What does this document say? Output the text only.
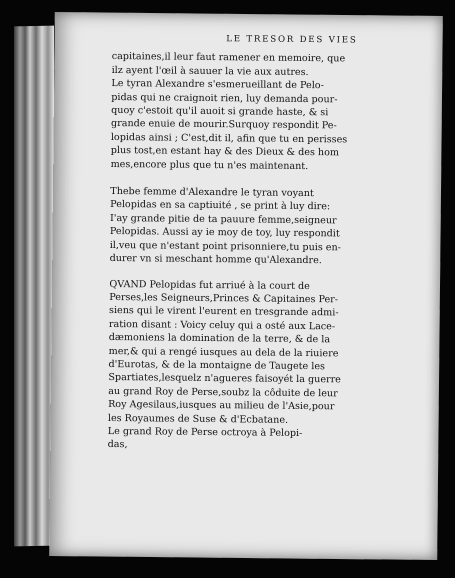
LE TRESOR DES VIES
capitaines,il leur faut ramener en memoire, que
ilz ayent l'œil à sauuer la vie aux autres.
Le tyran Alexandre s'esmerueillant de Pelo-
pidas qui ne craignoit rien, luy demanda pour-
quoy c'estoit qu'il auoit si grande haste, & si
grande enuie de mourir.Surquoy respondit Pe-
lopidas ainsi ; C'est,dit il, afin que tu en perisses
plus tost,en estant hay & des Dieux & des hom
mes,encore plus que tu n'es maintenant.
Thebe femme d'Alexandre le tyran voyant
Pelopidas en sa captiuité , se print à luy dire:
I'ay grande pitie de ta pauure femme,seigneur
Pelopidas. Aussi ay ie moy de toy, luy respondit
il,veu que n'estant point prisonniere,tu puis en-
durer vn si meschant homme qu'Alexandre.
QVAND Pelopidas fut arriué à la court de
Perses,les Seigneurs,Princes & Capitaines Per-
siens qui le virent l'eurent en tresgrande admi-
ration disant : Voicy celuy qui a osté aux Lace-
dæmoniens la domination de la terre, & de la
mer,& qui a rengé iusques au dela de la riuiere
d'Eurotas, & de la montaigne de Taugete les
Spartiates,lesquelz n'agueres faisoyét la guerre
au grand Roy de Perse,soubz la côduite de leur
Roy Agesilaus,iusques au milieu de l'Asie,pour
les Royaumes de Suse & d'Ecbatane.
Le grand Roy de Perse octroya à Pelopi-
das,
